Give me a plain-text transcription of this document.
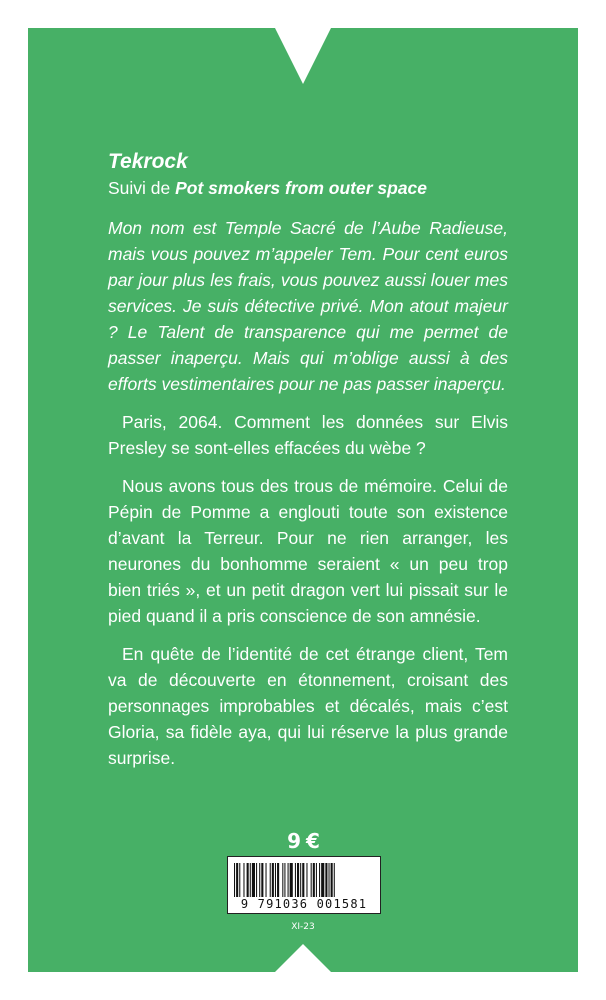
Tekrock
Suivi de Pot smokers from outer space

Mon nom est Temple Sacré de l’Aube Radieuse, mais vous pouvez m’appeler Tem. Pour cent euros par jour plus les frais, vous pouvez aussi louer mes services. Je suis détective privé. Mon atout majeur ? Le Talent de transparence qui me permet de passer inaperçu. Mais qui m’oblige aussi à des efforts vestimentaires pour ne pas passer inaperçu.

Paris, 2064. Comment les données sur Elvis Presley se sont-elles effacées du wèbe ?

Nous avons tous des trous de mémoire. Celui de Pépin de Pomme a englouti toute son existence d’avant la Terreur. Pour ne rien arranger, les neurones du bonhomme seraient « un peu trop bien triés », et un petit dragon vert lui pissait sur le pied quand il a pris conscience de son amnésie.

En quête de l’identité de cet étrange client, Tem va de découverte en étonnement, croisant des personnages improbables et décalés, mais c’est Gloria, sa fidèle aya, qui lui réserve la plus grande surprise.

9 €
9 791036 001581
XI-23
